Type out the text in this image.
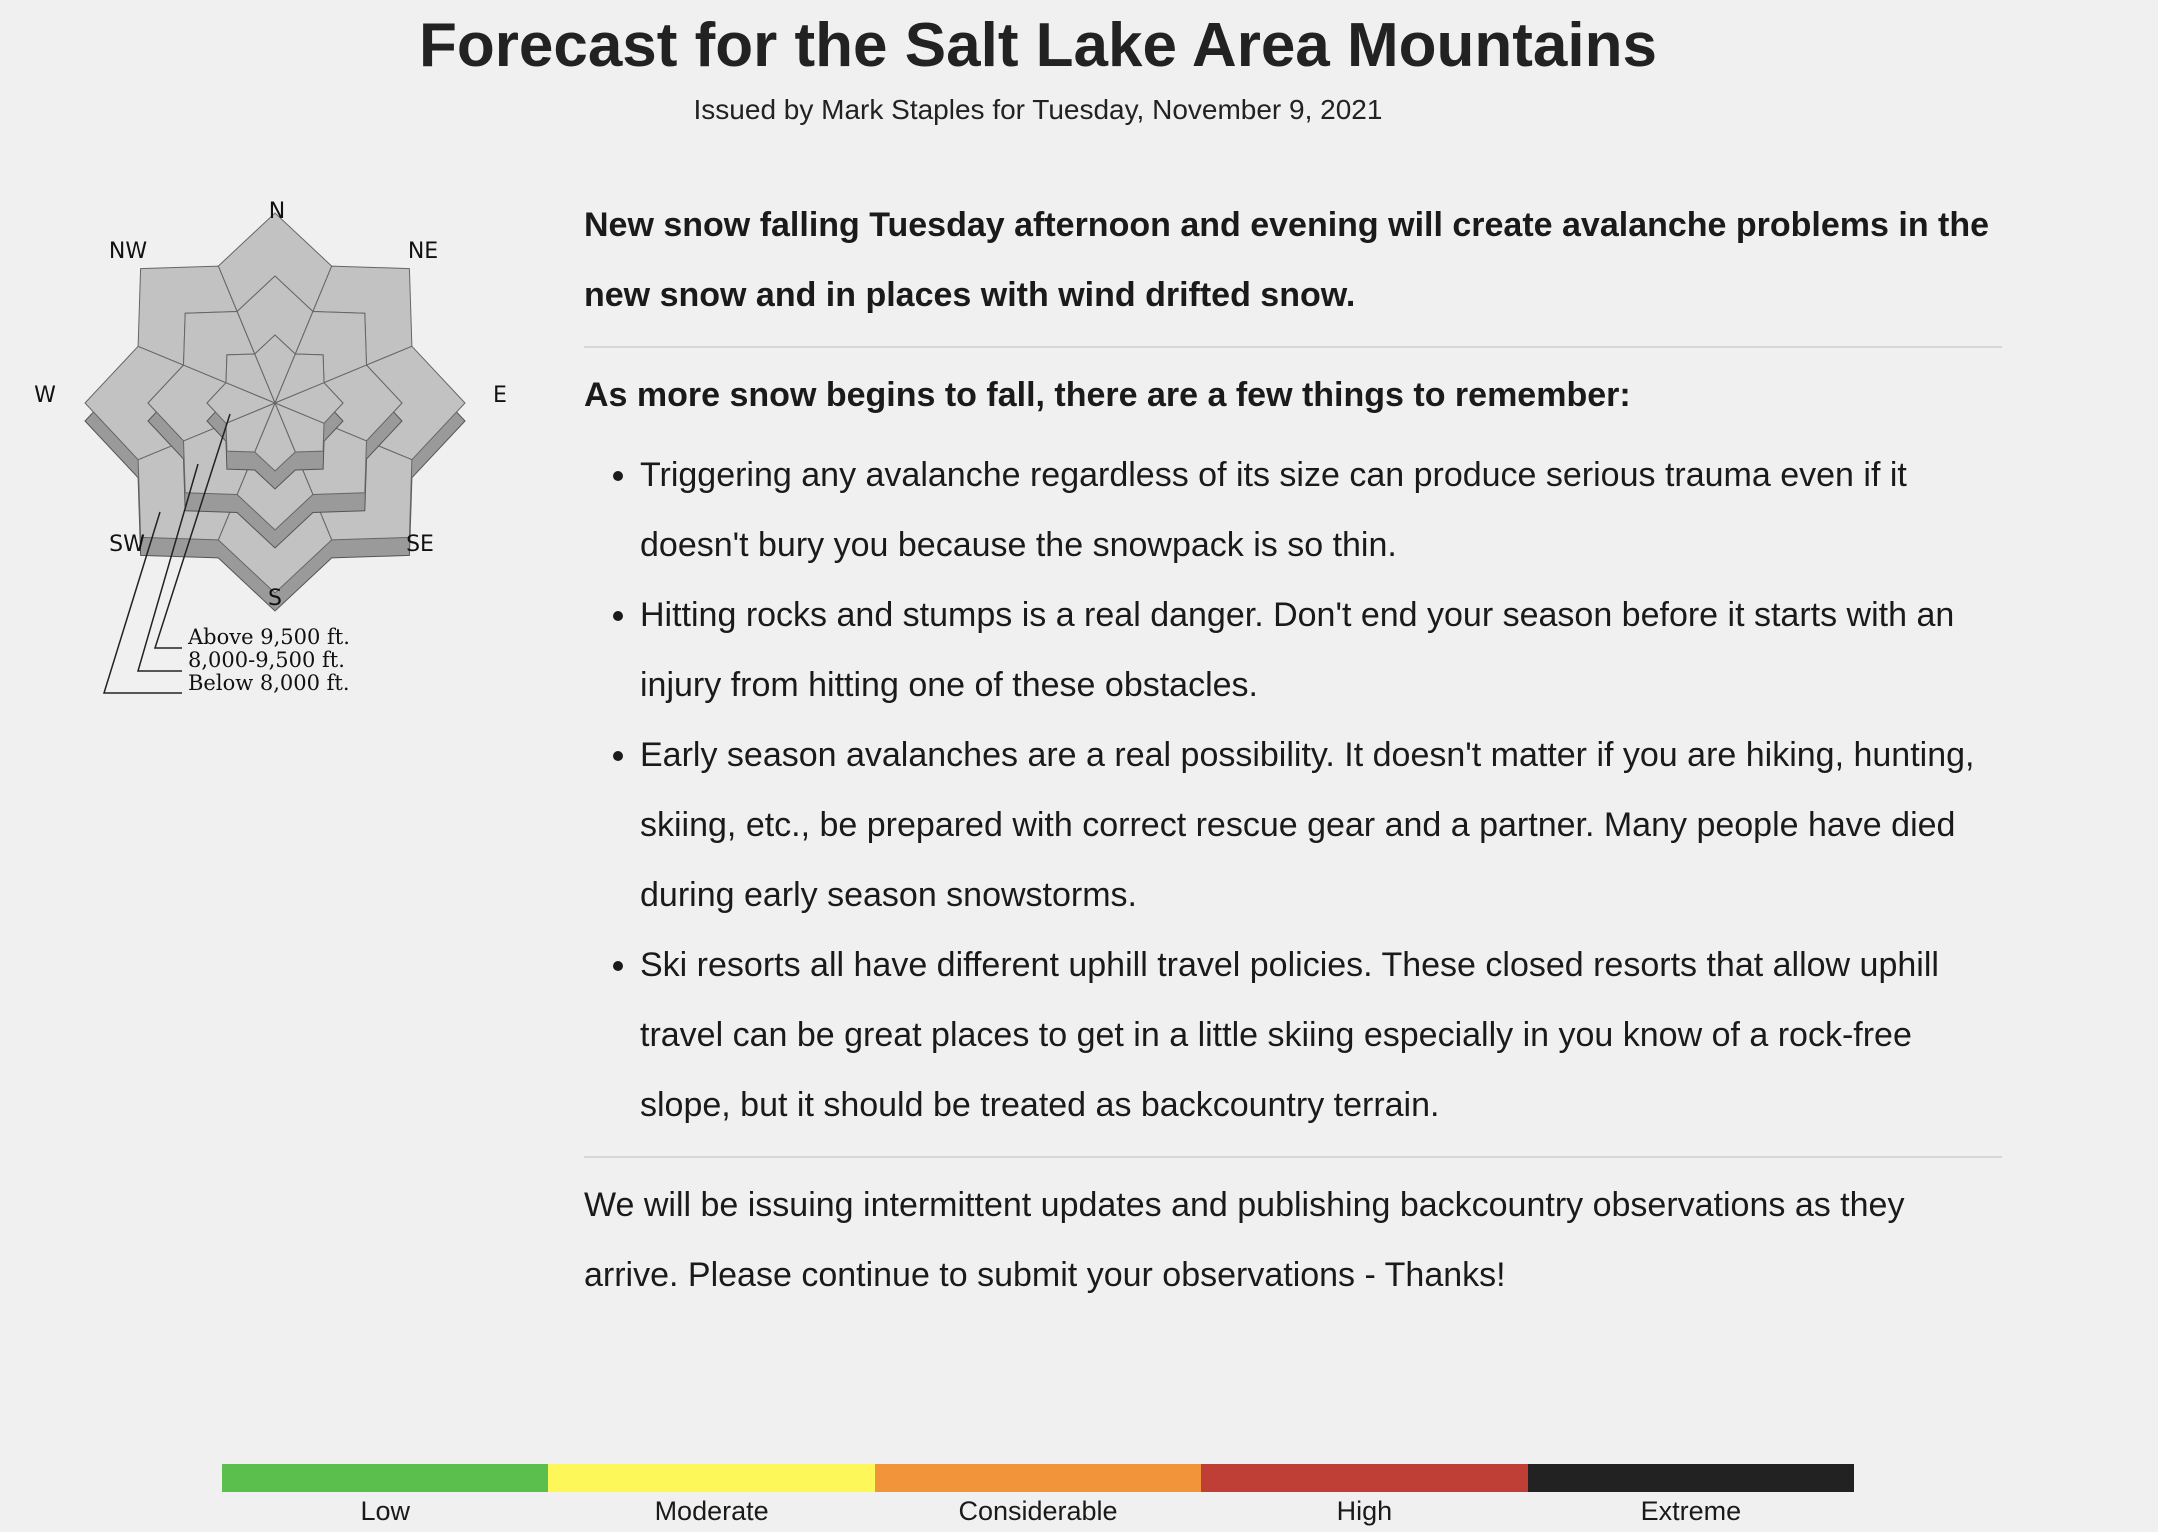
Forecast for the Salt Lake Area Mountains
Issued by Mark Staples for Tuesday, November 9, 2021
N
NE
E
SE
S
SW
W
NW
Above 9,500 ft.
8,000-9,500 ft.
Below 8,000 ft.

New snow falling Tuesday afternoon and evening will create avalanche problems in the new snow and in places with wind drifted snow.

As more snow begins to fall, there are a few things to remember:

• Triggering any avalanche regardless of its size can produce serious trauma even if it doesn't bury you because the snowpack is so thin.
• Hitting rocks and stumps is a real danger. Don't end your season before it starts with an injury from hitting one of these obstacles.
• Early season avalanches are a real possibility. It doesn't matter if you are hiking, hunting, skiing, etc., be prepared with correct rescue gear and a partner. Many people have died during early season snowstorms.
• Ski resorts all have different uphill travel policies. These closed resorts that allow uphill travel can be great places to get in a little skiing especially in you know of a rock-free slope, but it should be treated as backcountry terrain.

We will be issuing intermittent updates and publishing backcountry observations as they arrive. Please continue to submit your observations - Thanks!

Low	Moderate	Considerable	High	Extreme
